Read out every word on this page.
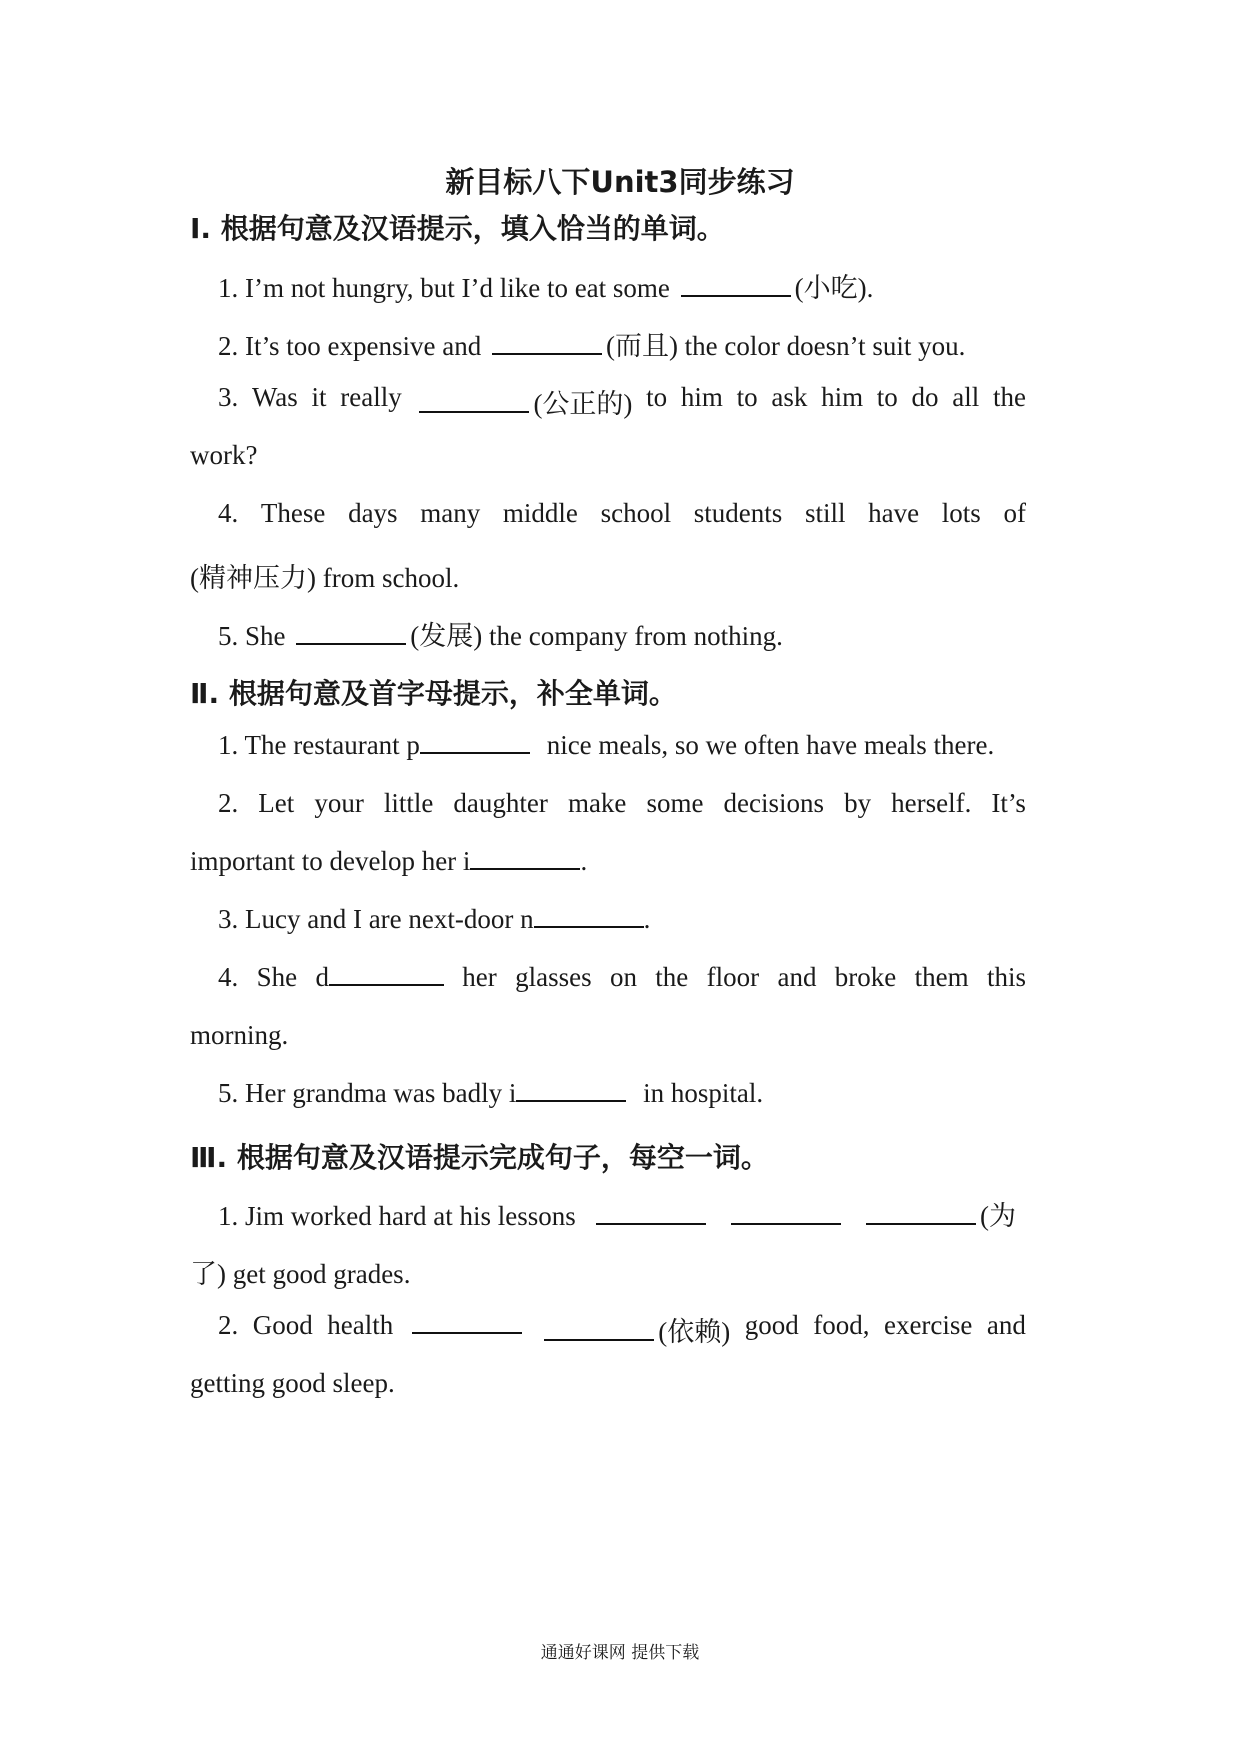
新目标八下Unit3同步练习
Ⅰ. 根据句意及汉语提示，填入恰当的单词。
1. I’m not hungry, but I’d like to eat some	(小吃).
2. It’s too expensive and	(而且) the color doesn’t suit you.
3. Was it really	(公正的) to him to ask him to do all the
work?
4. These days many middle school students still have lots of
(精神压力) from school.
5. She	(发展) the company from nothing.
Ⅱ. 根据句意及首字母提示，补全单词。
1. The restaurant p	nice meals, so we often have meals there.
2. Let your little daughter make some decisions by herself. It’s
important to develop her i	.
3. Lucy and I are next-door n	.
4. She d	her glasses on the floor and broke them this
morning.
5. Her grandma was badly i	in hospital.
Ⅲ. 根据句意及汉语提示完成句子，每空一词。
1. Jim worked hard at his lessons	(为
了) get good grades.
2. Good health	(依赖) good food, exercise and
getting good sleep.
通通好课网 提供下载
